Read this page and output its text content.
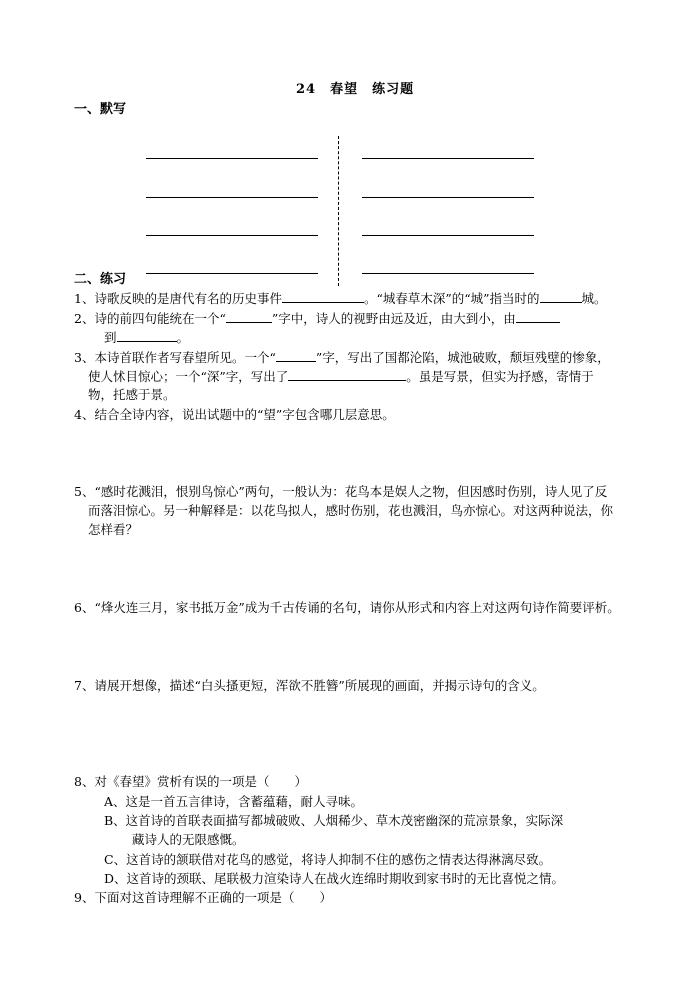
24　春望　练习题
一、默写
二、练习
1、诗歌反映的是唐代有名的历史事件	。“城春草木深”的“城”指当时的	城。
2、诗的前四句能统在一个“	”字中，诗人的视野由远及近，由大到小，由
到	。
3、本诗首联作者写春望所见。一个“	”字，写出了国都沦陷，城池破败，颓垣残壁的惨象，
使人怵目惊心；一个“深”字，写出了	。虽是写景，但实为抒感，寄情于
物，托感于景。
4、结合全诗内容，说出试题中的“望”字包含哪几层意思。
5、“感时花溅泪，恨别鸟惊心”两句，一般认为：花鸟本是娱人之物，但因感时伤别，诗人见了反
而落泪惊心。另一种解释是：以花鸟拟人，感时伤别，花也溅泪，鸟亦惊心。对这两种说法，你
怎样看？
6、“烽火连三月，家书抵万金”成为千古传诵的名句，请你从形式和内容上对这两句诗作简要评析。
7、请展开想像，描述“白头搔更短，浑欲不胜簪”所展现的画面，并揭示诗句的含义。
8、对《春望》赏析有误的一项是（　　）
A、这是一首五言律诗，含蓄蕴藉，耐人寻味。
B、这首诗的首联表面描写都城破败、人烟稀少、草木茂密幽深的荒凉景象，实际深
藏诗人的无限感慨。
C、这首诗的颔联借对花鸟的感觉，将诗人抑制不住的感伤之情表达得淋漓尽致。
D、这首诗的颈联、尾联极力渲染诗人在战火连绵时期收到家书时的无比喜悦之情。
9、下面对这首诗理解不正确的一项是（　　）
